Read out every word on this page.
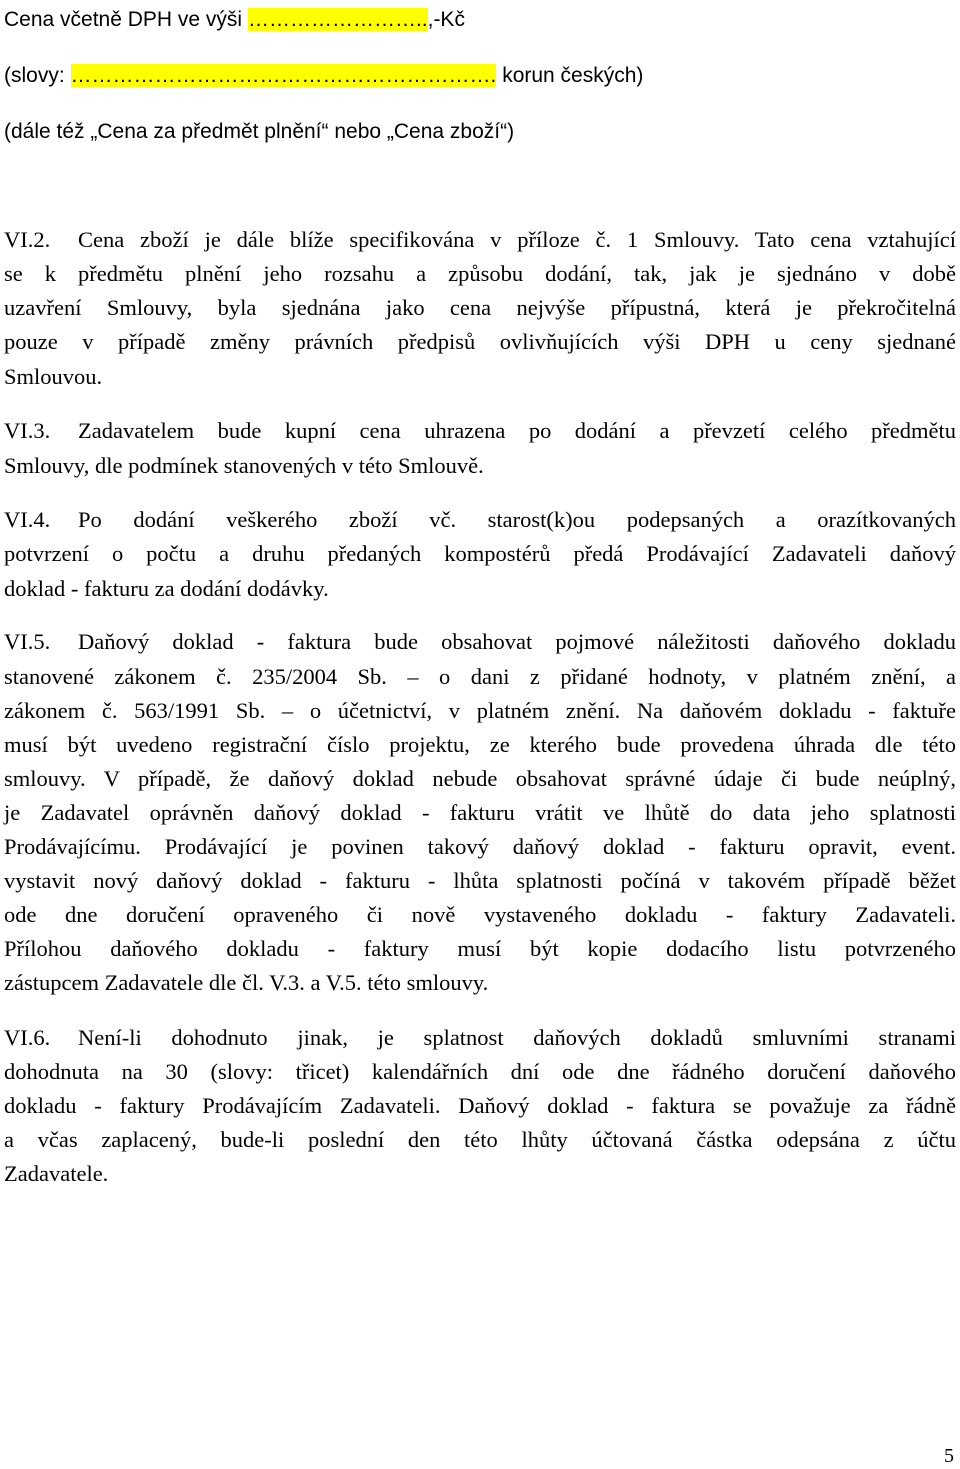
Cena včetně DPH ve výši ……………………..,-Kč
(slovy: ……………………………………………………. korun českých)
(dále též „Cena za předmět plnění“ nebo „Cena zboží“)
VI.2. Cena zboží je dále blíže specifikována v příloze č. 1 Smlouvy. Tato cena vztahující
se k předmětu plnění jeho rozsahu a způsobu dodání, tak, jak je sjednáno v době
uzavření Smlouvy, byla sjednána jako cena nejvýše přípustná, která je překročitelná
pouze v případě změny právních předpisů ovlivňujících výši DPH u ceny sjednané
Smlouvou.
VI.3. Zadavatelem bude kupní cena uhrazena po dodání a převzetí celého předmětu
Smlouvy, dle podmínek stanovených v této Smlouvě.
VI.4. Po dodání veškerého zboží vč. starost(k)ou podepsaných a orazítkovaných
potvrzení o počtu a druhu předaných kompostérů předá Prodávající Zadavateli daňový
doklad - fakturu za dodání dodávky.
VI.5. Daňový doklad - faktura bude obsahovat pojmové náležitosti daňového dokladu
stanovené zákonem č. 235/2004 Sb. – o dani z přidané hodnoty, v platném znění, a
zákonem č. 563/1991 Sb. – o účetnictví, v platném znění. Na daňovém dokladu - faktuře
musí být uvedeno registrační číslo projektu, ze kterého bude provedena úhrada dle této
smlouvy. V případě, že daňový doklad nebude obsahovat správné údaje či bude neúplný,
je Zadavatel oprávněn daňový doklad - fakturu vrátit ve lhůtě do data jeho splatnosti
Prodávajícímu. Prodávající je povinen takový daňový doklad - fakturu opravit, event.
vystavit nový daňový doklad - fakturu - lhůta splatnosti počíná v takovém případě běžet
ode dne doručení opraveného či nově vystaveného dokladu - faktury Zadavateli.
Přílohou daňového dokladu - faktury musí být kopie dodacího listu potvrzeného
zástupcem Zadavatele dle čl. V.3. a V.5. této smlouvy.
VI.6. Není-li dohodnuto jinak, je splatnost daňových dokladů smluvními stranami
dohodnuta na 30 (slovy: třicet) kalendářních dní ode dne řádného doručení daňového
dokladu - faktury Prodávajícím Zadavateli. Daňový doklad - faktura se považuje za řádně
a včas zaplacený, bude-li poslední den této lhůty účtovaná částka odepsána z účtu
Zadavatele.
5
